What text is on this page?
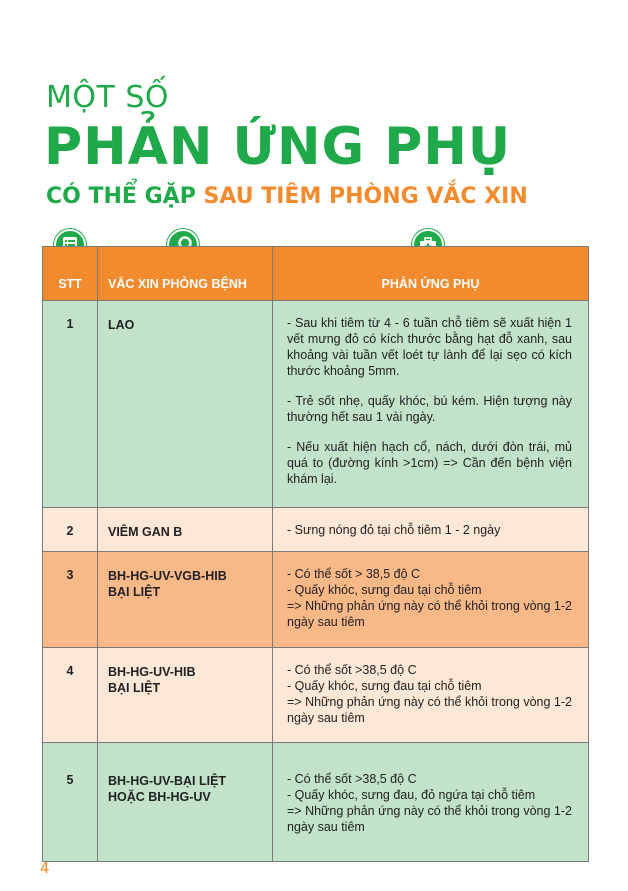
MỘT SỐ
PHẢN ỨNG PHỤ
CÓ THỂ GẶP SAU TIÊM PHÒNG VẮC XIN
STT	VẮC XIN PHÒNG BỆNH	PHẢN ỨNG PHỤ
1	LAO	- Sau khi tiêm từ 4 - 6 tuần chỗ tiêm sẽ xuất hiện 1 vết mưng đỏ có kích thước bằng hạt đỗ xanh, sau khoảng vài tuần vết loét tự lành để lại sẹo có kích thước khoảng 5mm.
- Trẻ sốt nhẹ, quấy khóc, bú kém. Hiện tượng này thường hết sau 1 vài ngày.
- Nếu xuất hiện hạch cổ, nách, dưới đòn trái, mủ quá to (đường kính >1cm) => Cần đến bệnh viện khám lại.

2	VIÊM GAN B	- Sưng nóng đỏ tại chỗ tiêm 1 - 2 ngày

3	BH-HG-UV-VGB-HIB
BẠI LIỆT	- Có thể sốt > 38,5 độ C
- Quấy khóc, sưng đau tại chỗ tiêm
=> Những phản ứng này có thể khỏi trong vòng 1-2 ngày sau tiêm

4	BH-HG-UV-HIB
BẠI LIỆT	- Có thể sốt >38,5 độ C
- Quấy khóc, sưng đau tại chỗ tiêm
=> Những phản ứng này có thể khỏi trong vòng 1-2 ngày sau tiêm

5	BH-HG-UV-BẠI LIỆT
HOẶC BH-HG-UV	- Có thể sốt >38,5 độ C
- Quấy khóc, sưng đau, đỏ ngứa tại chỗ tiêm
=> Những phản ứng này có thể khỏi trong vòng 1-2 ngày sau tiêm
4
